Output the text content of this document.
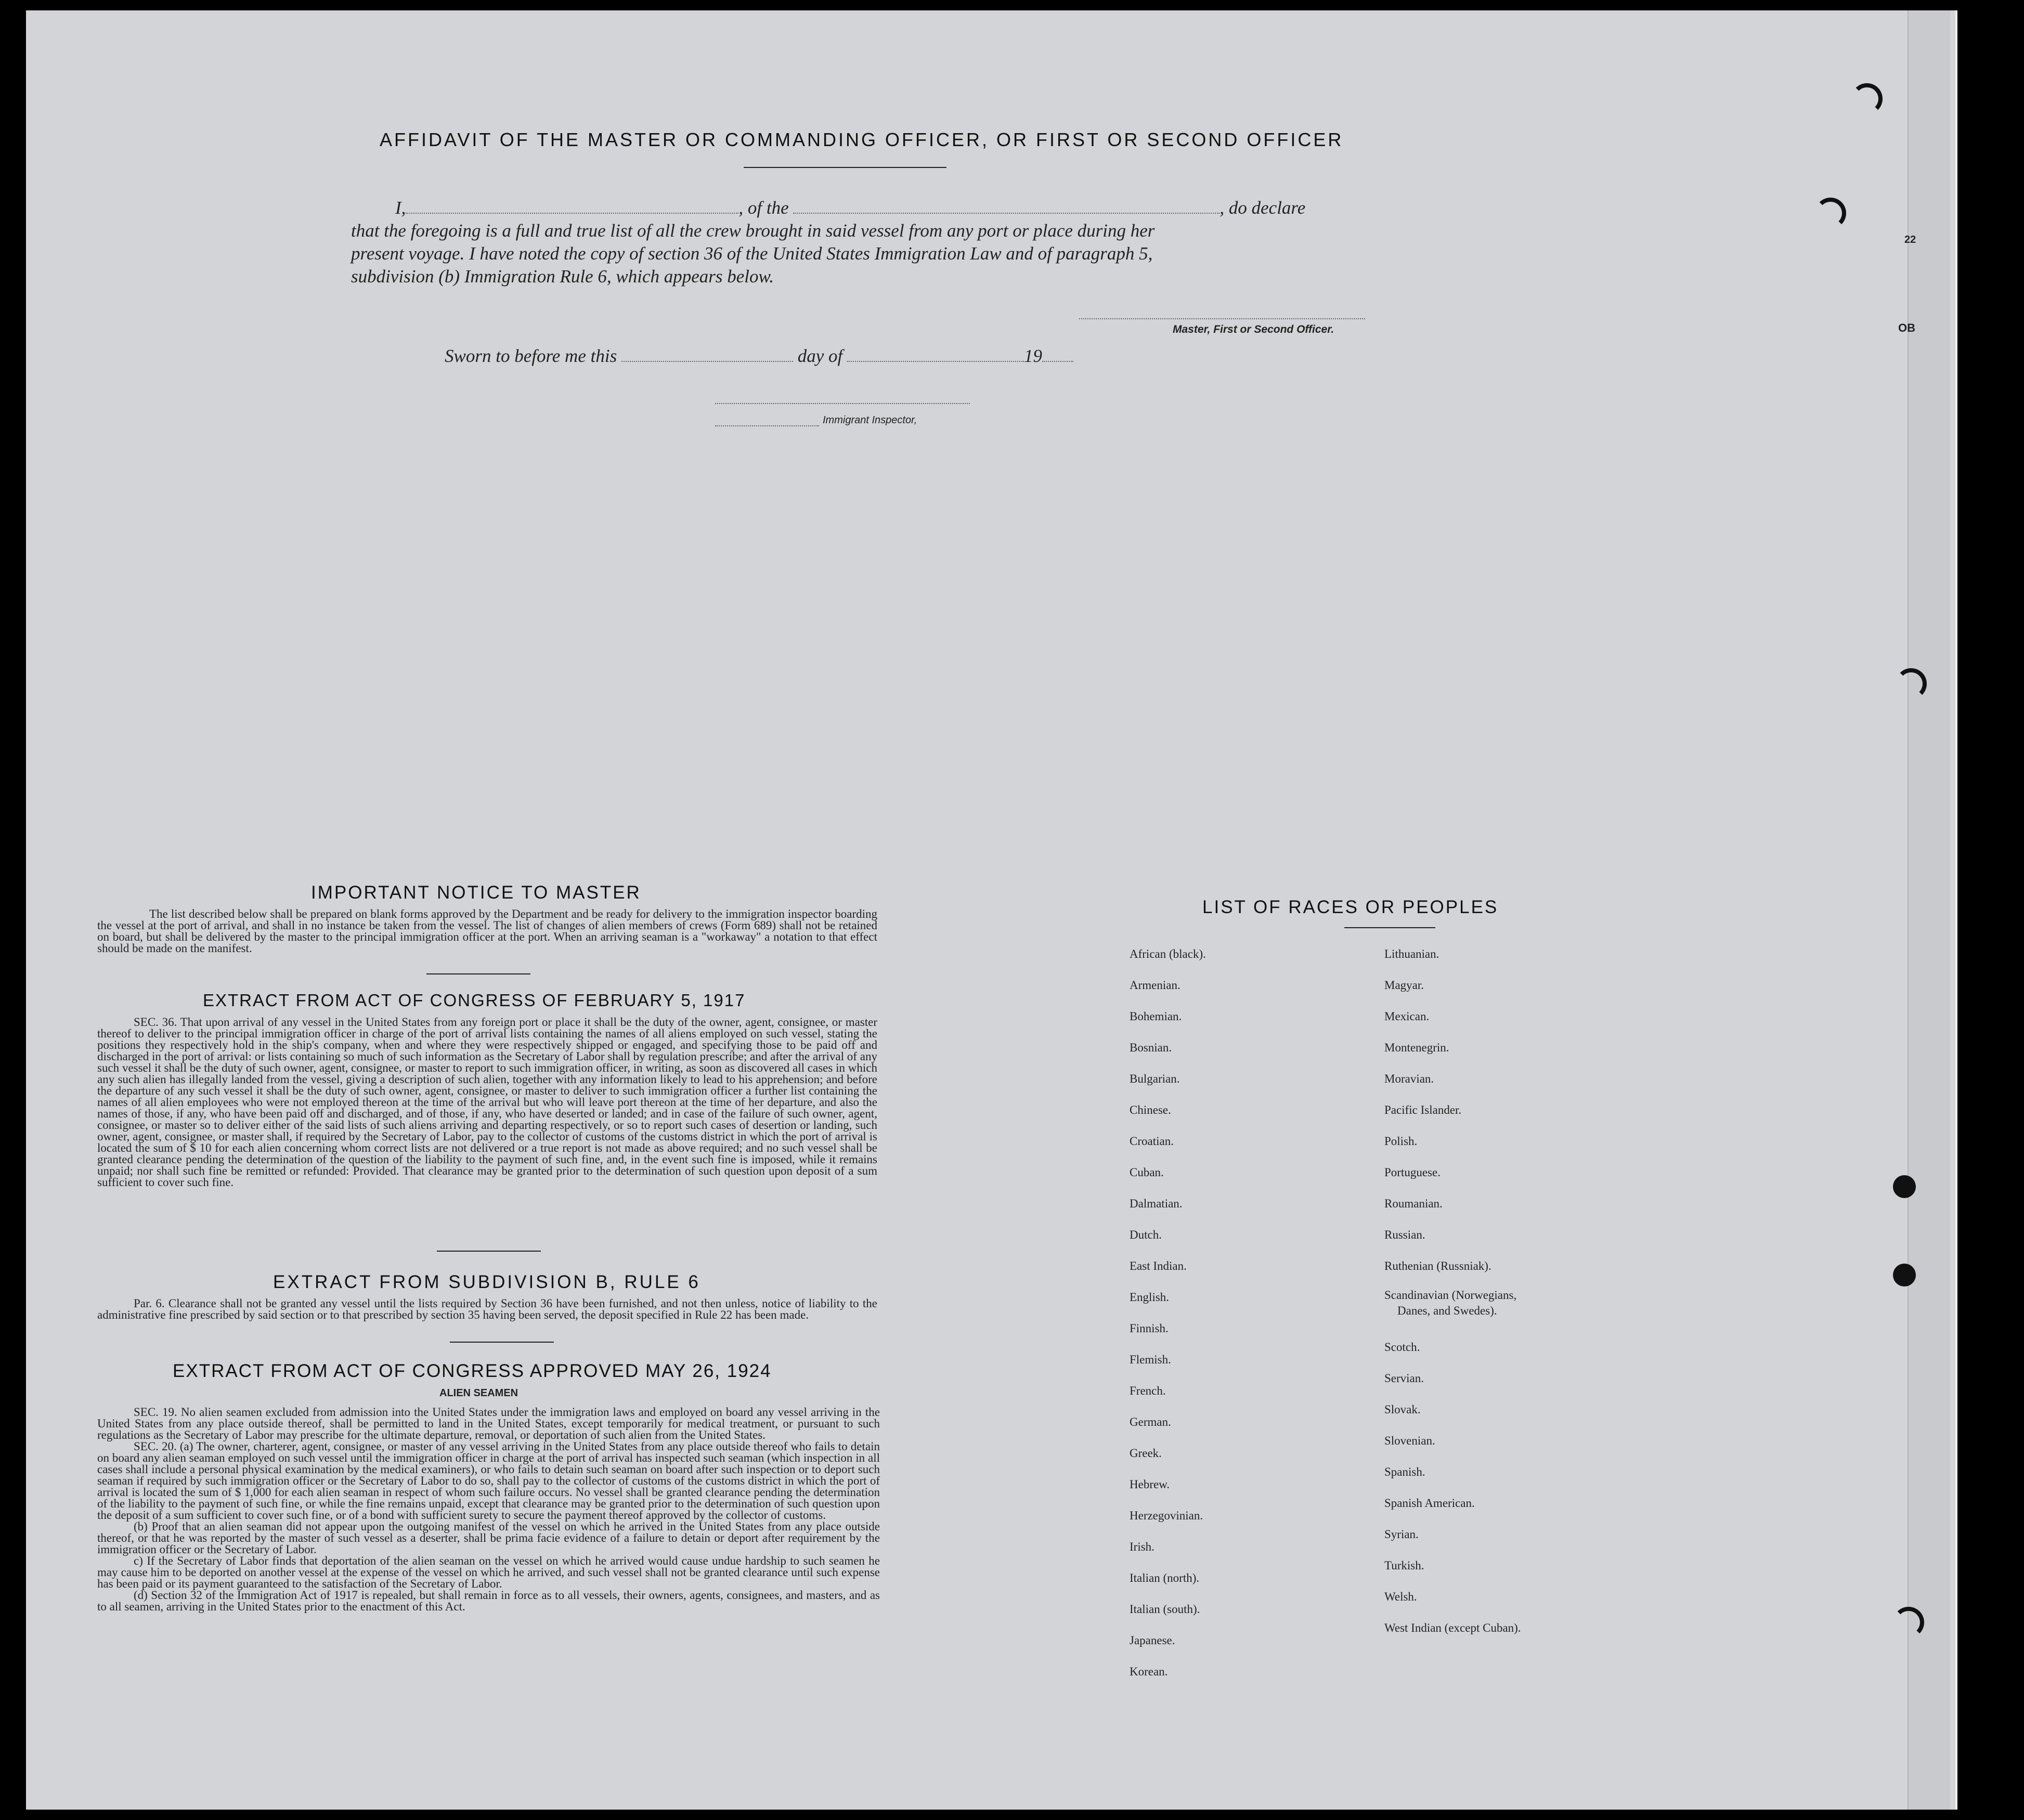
22
OB
AFFIDAVIT OF THE MASTER OR COMMANDING OFFICER, OR FIRST OR SECOND OFFICER
I,	, of the	, do declare
that the foregoing is a full and true list of all the crew brought in said vessel from any port or place during her
present voyage. I have noted the copy of section 36 of the United States Immigration Law and of paragraph 5,
subdivision (b) Immigration Rule 6, which appears below.
Master, First or Second Officer.
Sworn to before me this	day of	19
Immigrant Inspector,
IMPORTANT NOTICE TO MASTER
The list described below shall be prepared on blank forms approved by the Department and be ready for delivery to the immigration inspector boarding the vessel at the port of arrival, and shall in no instance be taken from the vessel. The list of changes of alien members of crews (Form 689) shall not be retained on board, but shall be delivered by the master to the principal immigration officer at the port. When an arriving seaman is a "workaway" a notation to that effect should be made on the manifest.
EXTRACT FROM ACT OF CONGRESS OF FEBRUARY 5, 1917
SEC. 36. That upon arrival of any vessel in the United States from any foreign port or place it shall be the duty of the owner, agent, consignee, or master thereof to deliver to the principal immigration officer in charge of the port of arrival lists containing the names of all aliens employed on such vessel, stating the positions they respectively hold in the ship's company, when and where they were respectively shipped or engaged, and specifying those to be paid off and discharged in the port of arrival: or lists containing so much of such information as the Secretary of Labor shall by regulation prescribe; and after the arrival of any such vessel it shall be the duty of such owner, agent, consignee, or master to report to such immigration officer, in writing, as soon as discovered all cases in which any such alien has illegally landed from the vessel, giving a description of such alien, together with any information likely to lead to his apprehension; and before the departure of any such vessel it shall be the duty of such owner, agent, consignee, or master to deliver to such immigration officer a further list containing the names of all alien employees who were not employed thereon at the time of the arrival but who will leave port thereon at the time of her departure, and also the names of those, if any, who have been paid off and discharged, and of those, if any, who have deserted or landed; and in case of the failure of such owner, agent, consignee, or master so to deliver either of the said lists of such aliens arriving and departing respectively, or so to report such cases of desertion or landing, such owner, agent, consignee, or master shall, if required by the Secretary of Labor, pay to the collector of customs of the customs district in which the port of arrival is located the sum of $ 10 for each alien concerning whom correct lists are not delivered or a true report is not made as above required; and no such vessel shall be granted clearance pending the determination of the question of the liability to the payment of such fine, and, in the event such fine is imposed, while it remains unpaid; nor shall such fine be remitted or refunded: Provided. That clearance may be granted prior to the determination of such question upon deposit of a sum sufficient to cover such fine.
EXTRACT FROM SUBDIVISION B, RULE 6
Par. 6. Clearance shall not be granted any vessel until the lists required by Section 36 have been furnished, and not then unless, notice of liability to the administrative fine prescribed by said section or to that prescribed by section 35 having been served, the deposit specified in Rule 22 has been made.
EXTRACT FROM ACT OF CONGRESS APPROVED MAY 26, 1924
ALIEN SEAMEN
SEC. 19. No alien seamen excluded from admission into the United States under the immigration laws and employed on board any vessel arriving in the United States from any place outside thereof, shall be permitted to land in the United States, except temporarily for medical treatment, or pursuant to such regulations as the Secretary of Labor may prescribe for the ultimate departure, removal, or deportation of such alien from the United States.
SEC. 20. (a) The owner, charterer, agent, consignee, or master of any vessel arriving in the United States from any place outside thereof who fails to detain on board any alien seaman employed on such vessel until the immigration officer in charge at the port of arrival has inspected such seaman (which inspection in all cases shall include a personal physical examination by the medical examiners), or who fails to detain such seaman on board after such inspection or to deport such seaman if required by such immigration officer or the Secretary of Labor to do so, shall pay to the collector of customs of the customs district in which the port of arrival is located the sum of $ 1,000 for each alien seaman in respect of whom such failure occurs. No vessel shall be granted clearance pending the determination of the liability to the payment of such fine, or while the fine remains unpaid, except that clearance may be granted prior to the determination of such question upon the deposit of a sum sufficient to cover such fine, or of a bond with sufficient surety to secure the payment thereof approved by the collector of customs.
(b) Proof that an alien seaman did not appear upon the outgoing manifest of the vessel on which he arrived in the United States from any place outside thereof, or that he was reported by the master of such vessel as a deserter, shall be prima facie evidence of a failure to detain or deport after requirement by the immigration officer or the Secretary of Labor.
c) If the Secretary of Labor finds that deportation of the alien seaman on the vessel on which he arrived would cause undue hardship to such seamen he may cause him to be deported on another vessel at the expense of the vessel on which he arrived, and such vessel shall not be granted clearance until such expense has been paid or its payment guaranteed to the satisfaction of the Secretary of Labor.
(d) Section 32 of the Immigration Act of 1917 is repealed, but shall remain in force as to all vessels, their owners, agents, consignees, and masters, and as to all seamen, arriving in the United States prior to the enactment of this Act.
LIST OF RACES OR PEOPLES
African (black).
Armenian.
Bohemian.
Bosnian.
Bulgarian.
Chinese.
Croatian.
Cuban.
Dalmatian.
Dutch.
East Indian.
English.
Finnish.
Flemish.
French.
German.
Greek.
Hebrew.
Herzegovinian.
Irish.
Italian (north).
Italian (south).
Japanese.
Korean.
Lithuanian.
Magyar.
Mexican.
Montenegrin.
Moravian.
Pacific Islander.
Polish.
Portuguese.
Roumanian.
Russian.
Ruthenian (Russniak).
Scandinavian (Norwegians,
Danes, and Swedes).
Scotch.
Servian.
Slovak.
Slovenian.
Spanish.
Spanish American.
Syrian.
Turkish.
Welsh.
West Indian (except Cuban).
